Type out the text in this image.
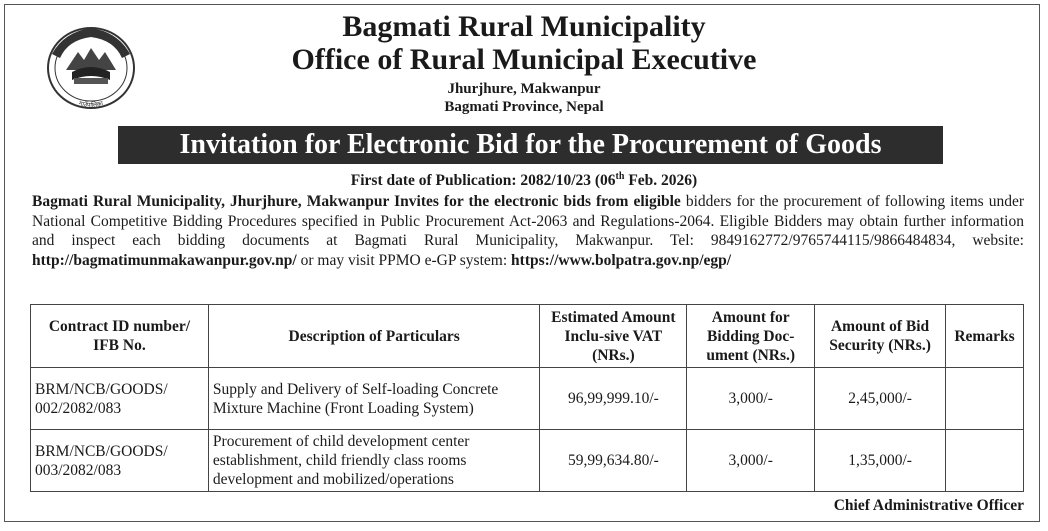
गाउँपालिका
Bagmati Rural Municipality
Office of Rural Municipal Executive
Jhurjhure, Makwanpur
Bagmati Province, Nepal
Invitation for Electronic Bid for the Procurement of Goods
First date of Publication: 2082/10/23 (06th Feb. 2026)
Bagmati Rural Municipality, Jhurjhure, Makwanpur Invites for the electronic bids from eligible bidders for the procurement of following items under National Competitive Bidding Procedures specified in Public Procurement Act-2063 and Regulations-2064. Eligible Bidders may obtain further information and inspect each bidding documents at Bagmati Rural Municipality, Makwanpur. Tel: 9849162772/9765744115/9866484834, website: http://bagmatimunmakawanpur.gov.np/ or may visit PPMO e-GP system: https://www.bolpatra.gov.np/egp/
Contract ID number/ IFB No.	Description of Particulars	Estimated Amount Inclu-sive VAT (NRs.)	Amount for Bidding Doc-ument (NRs.)	Amount of Bid Security (NRs.)	Remarks
BRM/NCB/GOODS/ 002/2082/083	Supply and Delivery of Self-loading Concrete Mixture Machine (Front Loading System)	96,99,999.10/-	3,000/-	2,45,000/-	
BRM/NCB/GOODS/ 003/2082/083	Procurement of child development center establishment, child friendly class rooms development and mobilized/operations	59,99,634.80/-	3,000/-	1,35,000/-	
Chief Administrative Officer
